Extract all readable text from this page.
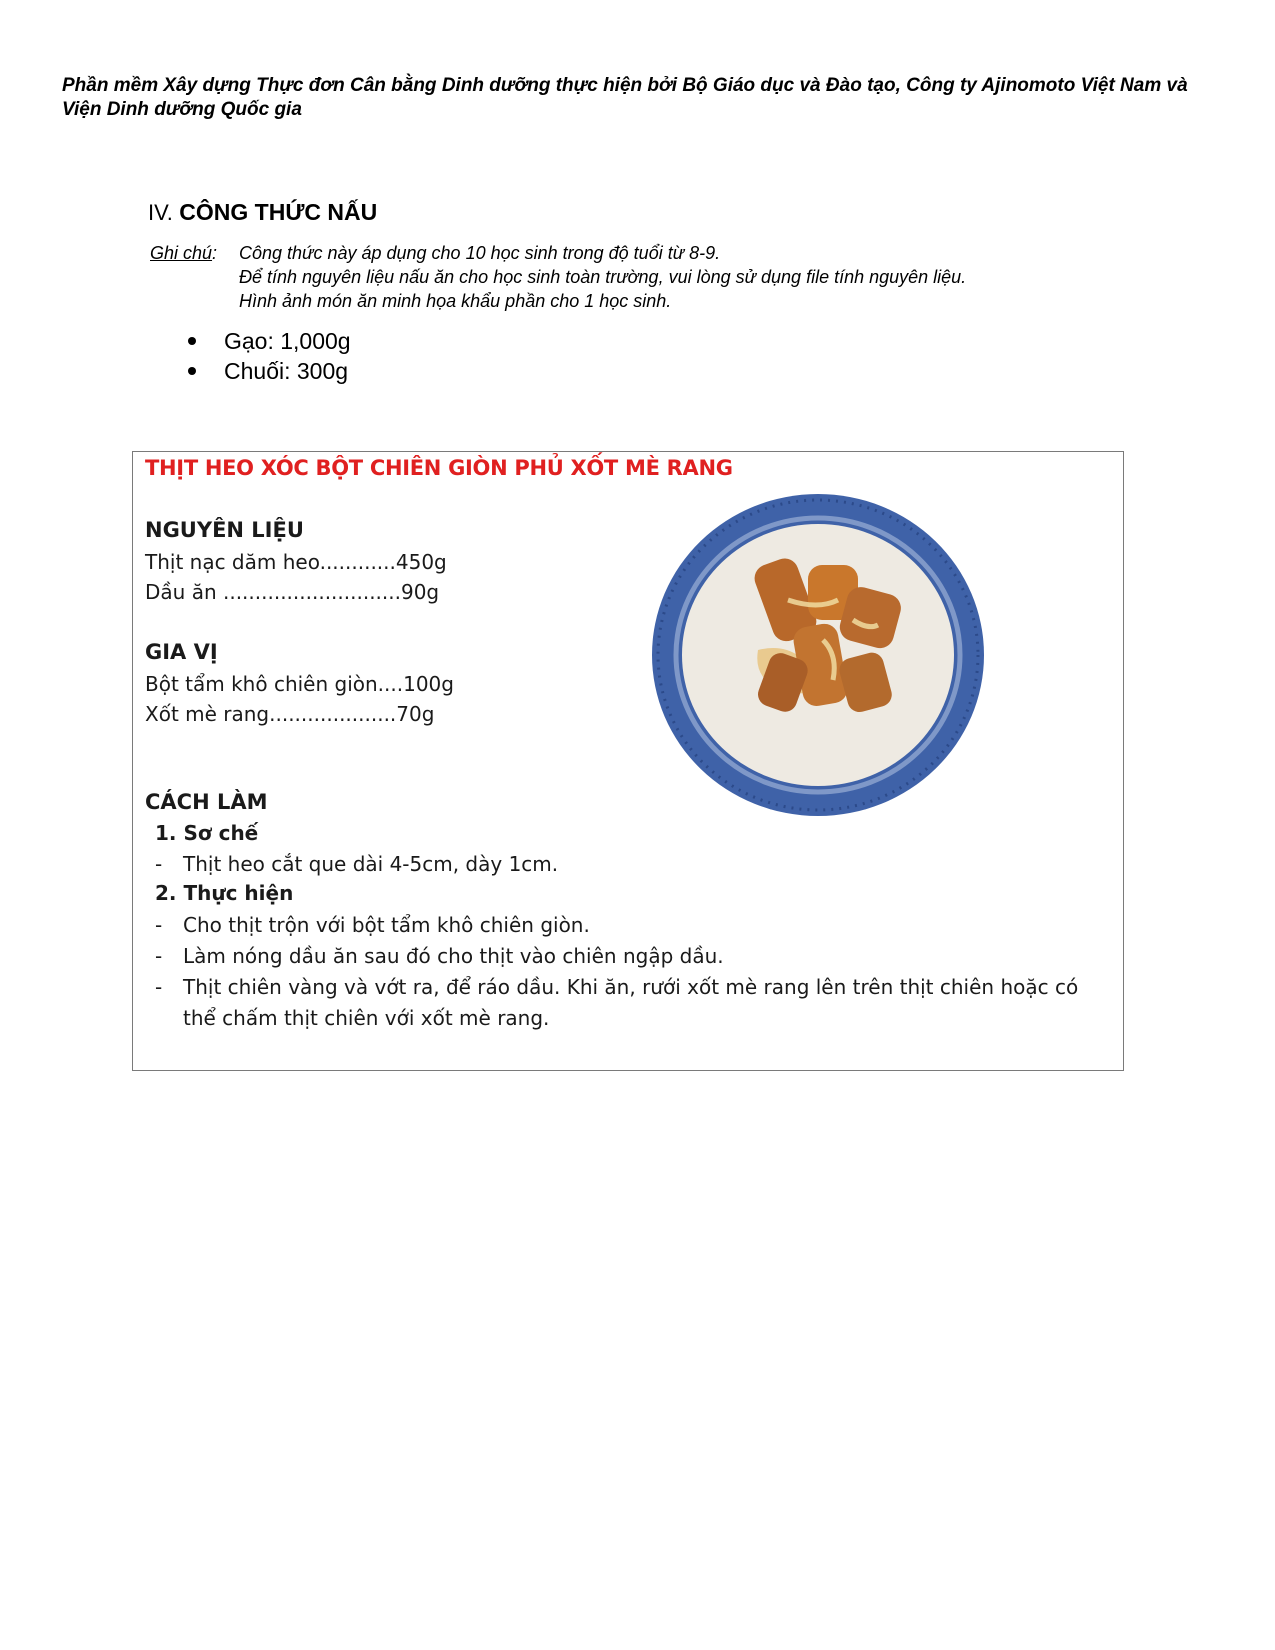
Phần mềm Xây dựng Thực đơn Cân bằng Dinh dưỡng thực hiện bởi Bộ Giáo dục và Đào tạo, Công ty Ajinomoto Việt Nam và Viện Dinh dưỡng Quốc gia
IV. CÔNG THỨC NẤU
Ghi chú: Công thức này áp dụng cho 10 học sinh trong độ tuổi từ 8-9.
Để tính nguyên liệu nấu ăn cho học sinh toàn trường, vui lòng sử dụng file tính nguyên liệu.
Hình ảnh món ăn minh họa khẩu phần cho 1 học sinh.
Gạo: 1,000g
Chuối: 300g
THỊT HEO XÓC BỘT CHIÊN GIÒN PHỦ XỐT MÈ RANG
NGUYÊN LIỆU
Thịt nạc dăm heo............450g
Dầu ăn ............................90g
GIA VỊ
Bột tẩm khô chiên giòn....100g
Xốt mè rang....................70g
CÁCH LÀM
1. Sơ chế
-	Thịt heo cắt que dài 4-5cm, dày 1cm.
2. Thực hiện
-	Cho thịt trộn với bột tẩm khô chiên giòn.
-	Làm nóng dầu ăn sau đó cho thịt vào chiên ngập dầu.
-	Thịt chiên vàng và vớt ra, để ráo dầu. Khi ăn, rưới xốt mè rang lên trên thịt chiên hoặc có thể chấm thịt chiên với xốt mè rang.
